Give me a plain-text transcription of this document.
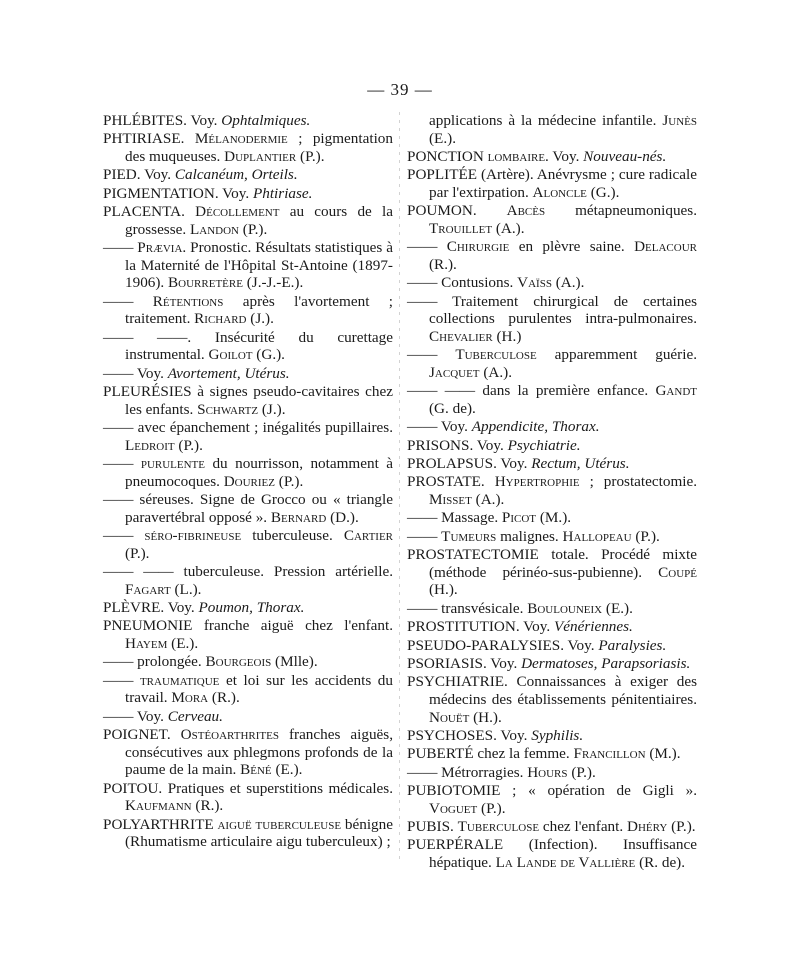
— 39 —
PHLÉBITES. Voy. Ophtalmiques.
PHTIRIASE. Mélanodermie ; pigmentation des muqueuses. Duplantier (P.).
PIED. Voy. Calcanéum, Orteils.
PIGMENTATION. Voy. Phtiriase.
PLACENTA. Décollement au cours de la grossesse. Landon (P.).
—— Prævia. Pronostic. Résultats statistiques à la Maternité de l'Hôpital St-Antoine (1897-1906). Bourretère (J.-J.-E.).
—— Rétentions après l'avortement ; traitement. Richard (J.).
—— ——. Insécurité du curettage instrumental. Goilot (G.).
—— Voy. Avortement, Utérus.
PLEURÉSIES à signes pseudo-cavitaires chez les enfants. Schwartz (J.).
—— avec épanchement ; inégalités pupillaires. Ledroit (P.).
—— purulente du nourrisson, notamment à pneumocoques. Douriez (P.).
—— séreuses. Signe de Grocco ou « triangle paravertébral opposé ». Bernard (D.).
—— séro-fibrineuse tuberculeuse. Cartier (P.).
—— —— tuberculeuse. Pression artérielle. Fagart (L.).
PLÈVRE. Voy. Poumon, Thorax.
PNEUMONIE franche aiguë chez l'enfant. Hayem (E.).
—— prolongée. Bourgeois (Mlle).
—— traumatique et loi sur les accidents du travail. Mora (R.).
—— Voy. Cerveau.
POIGNET. Ostéoarthrites franches aiguës, consécutives aux phlegmons profonds de la paume de la main. Béné (E.).
POITOU. Pratiques et superstitions médicales. Kaufmann (R.).
POLYARTHRITE aiguë tuberculeuse bénigne (Rhumatisme articulaire aigu tuberculeux) ;
applications à la médecine infantile. Junès (E.).
PONCTION lombaire. Voy. Nouveau-nés.
POPLITÉE (Artère). Anévrysme ; cure radicale par l'extirpation. Aloncle (G.).
POUMON. Abcès métapneumoniques. Trouillet (A.).
—— Chirurgie en plèvre saine. Delacour (R.).
—— Contusions. Vaïss (A.).
—— Traitement chirurgical de certaines collections purulentes intra-pulmonaires. Chevalier (H.)
—— Tuberculose apparemment guérie. Jacquet (A.).
—— —— dans la première enfance. Gandt (G. de).
—— Voy. Appendicite, Thorax.
PRISONS. Voy. Psychiatrie.
PROLAPSUS. Voy. Rectum, Utérus.
PROSTATE. Hypertrophie ; prostatectomie. Misset (A.).
—— Massage. Picot (M.).
—— Tumeurs malignes. Hallopeau (P.).
PROSTATECTOMIE totale. Procédé mixte (méthode périnéo-sus-pubienne). Coupé (H.).
—— transvésicale. Boulouneix (E.).
PROSTITUTION. Voy. Vénériennes.
PSEUDO-PARALYSIES. Voy. Paralysies.
PSORIASIS. Voy. Dermatoses, Parapsoriasis.
PSYCHIATRIE. Connaissances à exiger des médecins des établissements pénitentiaires. Nouët (H.).
PSYCHOSES. Voy. Syphilis.
PUBERTÉ chez la femme. Francillon (M.).
—— Métrorragies. Hours (P.).
PUBIOTOMIE ; « opération de Gigli ». Voguet (P.).
PUBIS. Tuberculose chez l'enfant. Dhéry (P.).
PUERPÉRALE (Infection). Insuffisance hépatique. La Lande de Vallière (R. de).
